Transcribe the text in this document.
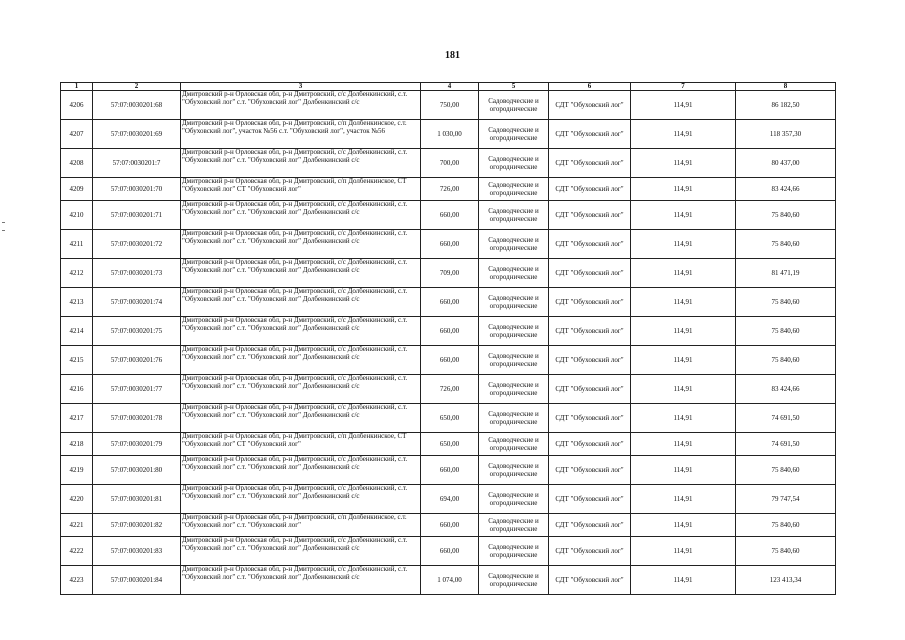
181
1	2	3	4	5	6	7	8
4206	57:07:0030201:68	Дмитровский р-н Орловская обл, р-н Дмитровский, с/с Долбенкинский, с.т. "Обуховский лог" с.т. "Обуховский лог" Долбенкинский с/с	750,00	Садоводческие и огороднические	СДТ "Обуховский лог"	114,91	86 182,50
4207	57:07:0030201:69	Дмитровский р-н Орловская обл, р-н Дмитровский, с/п Долбенкинское, с.т. "Обуховский лог", участок №56 с.т. "Обуховский лог", участок №56	1 030,00	Садоводческие и огороднические	СДТ "Обуховский лог"	114,91	118 357,30
4208	57:07:0030201:7	Дмитровский р-н Орловская обл, р-н Дмитровский, с/с Долбенкинский, с.т. "Обуховский лог" с.т. "Обуховский лог" Долбенкинский с/с	700,00	Садоводческие и огороднические	СДТ "Обуховский лог"	114,91	80 437,00
4209	57:07:0030201:70	Дмитровский р-н Орловская обл, р-н Дмитровский, с/п Долбенкинское, СТ "Обуховский лог" СТ "Обуховский лог"	726,00	Садоводческие и огороднические	СДТ "Обуховский лог"	114,91	83 424,66
4210	57:07:0030201:71	Дмитровский р-н Орловская обл, р-н Дмитровский, с/с Долбенкинский, с.т. "Обуховский лог" с.т. "Обуховский лог" Долбенкинский с/с	660,00	Садоводческие и огороднические	СДТ "Обуховский лог"	114,91	75 840,60
4211	57:07:0030201:72	Дмитровский р-н Орловская обл, р-н Дмитровский, с/с Долбенкинский, с.т. "Обуховский лог" с.т. "Обуховский лог" Долбенкинский с/с	660,00	Садоводческие и огороднические	СДТ "Обуховский лог"	114,91	75 840,60
4212	57:07:0030201:73	Дмитровский р-н Орловская обл, р-н Дмитровский, с/с Долбенкинский, с.т. "Обуховский лог" с.т. "Обуховский лог" Долбенкинский с/с	709,00	Садоводческие и огороднические	СДТ "Обуховский лог"	114,91	81 471,19
4213	57:07:0030201:74	Дмитровский р-н Орловская обл, р-н Дмитровский, с/с Долбенкинский, с.т. "Обуховский лог" с.т. "Обуховский лог" Долбенкинский с/с	660,00	Садоводческие и огороднические	СДТ "Обуховский лог"	114,91	75 840,60
4214	57:07:0030201:75	Дмитровский р-н Орловская обл, р-н Дмитровский, с/с Долбенкинский, с.т. "Обуховский лог" с.т. "Обуховский лог" Долбенкинский с/с	660,00	Садоводческие и огороднические	СДТ "Обуховский лог"	114,91	75 840,60
4215	57:07:0030201:76	Дмитровский р-н Орловская обл, р-н Дмитровский, с/с Долбенкинский, с.т. "Обуховский лог" с.т. "Обуховский лог" Долбенкинский с/с	660,00	Садоводческие и огороднические	СДТ "Обуховский лог"	114,91	75 840,60
4216	57:07:0030201:77	Дмитровский р-н Орловская обл, р-н Дмитровский, с/с Долбенкинский, с.т. "Обуховский лог" с.т. "Обуховский лог" Долбенкинский с/с	726,00	Садоводческие и огороднические	СДТ "Обуховский лог"	114,91	83 424,66
4217	57:07:0030201:78	Дмитровский р-н Орловская обл, р-н Дмитровский, с/с Долбенкинский, с.т. "Обуховский лог" с.т. "Обуховский лог" Долбенкинский с/с	650,00	Садоводческие и огороднические	СДТ "Обуховский лог"	114,91	74 691,50
4218	57:07:0030201:79	Дмитровский р-н Орловская обл, р-н Дмитровский, с/п Долбенкинское, СТ "Обуховский лог" СТ "Обуховский лог"	650,00	Садоводческие и огороднические	СДТ "Обуховский лог"	114,91	74 691,50
4219	57:07:0030201:80	Дмитровский р-н Орловская обл, р-н Дмитровский, с/с Долбенкинский, с.т. "Обуховский лог" с.т. "Обуховский лог" Долбенкинский с/с	660,00	Садоводческие и огороднические	СДТ "Обуховский лог"	114,91	75 840,60
4220	57:07:0030201:81	Дмитровский р-н Орловская обл, р-н Дмитровский, с/с Долбенкинский, с.т. "Обуховский лог" с.т. "Обуховский лог" Долбенкинский с/с	694,00	Садоводческие и огороднические	СДТ "Обуховский лог"	114,91	79 747,54
4221	57:07:0030201:82	Дмитровский р-н Орловская обл, р-н Дмитровский, с/п Долбенкинское, с.т. "Обуховский лог" с.т. "Обуховский лог"	660,00	Садоводческие и огороднические	СДТ "Обуховский лог"	114,91	75 840,60
4222	57:07:0030201:83	Дмитровский р-н Орловская обл, р-н Дмитровский, с/с Долбенкинский, с.т. "Обуховский лог" с.т. "Обуховский лог" Долбенкинский с/с	660,00	Садоводческие и огороднические	СДТ "Обуховский лог"	114,91	75 840,60
4223	57:07:0030201:84	Дмитровский р-н Орловская обл, р-н Дмитровский, с/с Долбенкинский, с.т. "Обуховский лог" с.т. "Обуховский лог" Долбенкинский с/с	1 074,00	Садоводческие и огороднические	СДТ "Обуховский лог"	114,91	123 413,34
